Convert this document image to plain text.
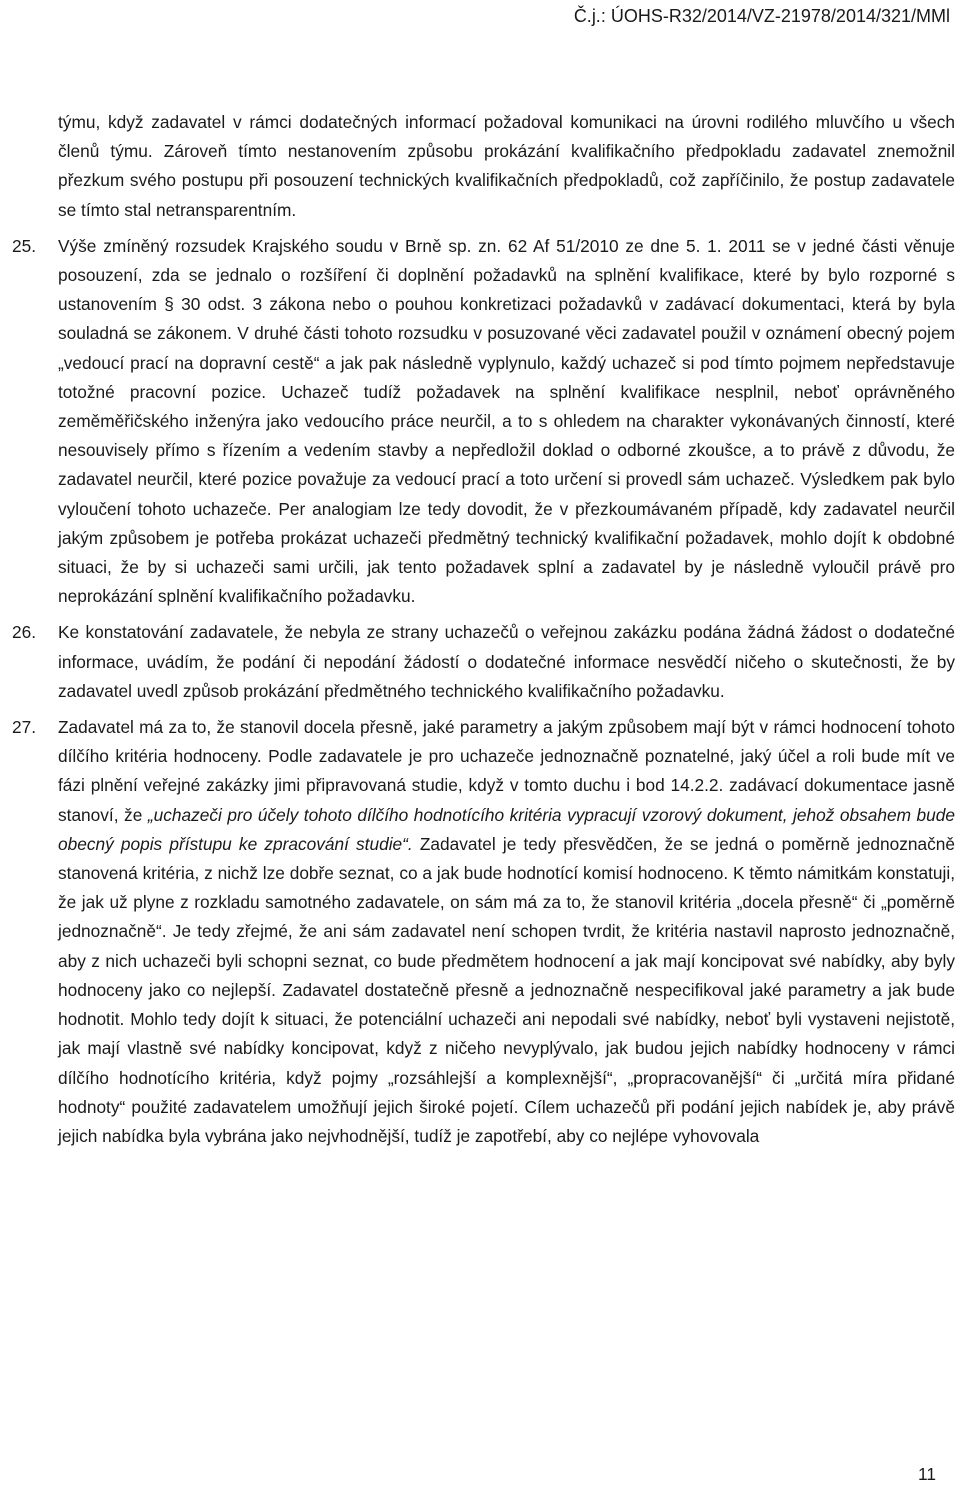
Č.j.: ÚOHS-R32/2014/VZ-21978/2014/321/MMl
týmu, když zadavatel v rámci dodatečných informací požadoval komunikaci na úrovni rodilého mluvčího u všech členů týmu. Zároveň tímto nestanovením způsobu prokázání kvalifikačního předpokladu zadavatel znemožnil přezkum svého postupu při posouzení technických kvalifikačních předpokladů, což zapříčinilo, že postup zadavatele se tímto stal netransparentním.
25. Výše zmíněný rozsudek Krajského soudu v Brně sp. zn. 62 Af 51/2010 ze dne 5. 1. 2011 se v jedné části věnuje posouzení, zda se jednalo o rozšíření či doplnění požadavků na splnění kvalifikace, které by bylo rozporné s ustanovením § 30 odst. 3 zákona nebo o pouhou konkretizaci požadavků v zadávací dokumentaci, která by byla souladná se zákonem. V druhé části tohoto rozsudku v posuzované věci zadavatel použil v oznámení obecný pojem „vedoucí prací na dopravní cestě“ a jak pak následně vyplynulo, každý uchazeč si pod tímto pojmem nepředstavuje totožné pracovní pozice. Uchazeč tudíž požadavek na splnění kvalifikace nesplnil, neboť oprávněného zeměměřičského inženýra jako vedoucího práce neurčil, a to s ohledem na charakter vykonávaných činností, které nesouvisely přímo s řízením a vedením stavby a nepředložil doklad o odborné zkoušce, a to právě z důvodu, že zadavatel neurčil, které pozice považuje za vedoucí prací a toto určení si provedl sám uchazeč. Výsledkem pak bylo vyloučení tohoto uchazeče. Per analogiam lze tedy dovodit, že v přezkoumávaném případě, kdy zadavatel neurčil jakým způsobem je potřeba prokázat uchazeči předmětný technický kvalifikační požadavek, mohlo dojít k obdobné situaci, že by si uchazeči sami určili, jak tento požadavek splní a zadavatel by je následně vyloučil právě pro neprokázání splnění kvalifikačního požadavku.
26. Ke konstatování zadavatele, že nebyla ze strany uchazečů o veřejnou zakázku podána žádná žádost o dodatečné informace, uvádím, že podání či nepodání žádostí o dodatečné informace nesvědčí ničeho o skutečnosti, že by zadavatel uvedl způsob prokázání předmětného technického kvalifikačního požadavku.
27. Zadavatel má za to, že stanovil docela přesně, jaké parametry a jakým způsobem mají být v rámci hodnocení tohoto dílčího kritéria hodnoceny. Podle zadavatele je pro uchazeče jednoznačně poznatelné, jaký účel a roli bude mít ve fázi plnění veřejné zakázky jimi připravovaná studie, když v tomto duchu i bod 14.2.2. zadávací dokumentace jasně stanoví, že „uchazeči pro účely tohoto dílčího hodnotícího kritéria vypracují vzorový dokument, jehož obsahem bude obecný popis přístupu ke zpracování studie“. Zadavatel je tedy přesvědčen, že se jedná o poměrně jednoznačně stanovená kritéria, z nichž lze dobře seznat, co a jak bude hodnotící komisí hodnoceno. K těmto námitkám konstatuji, že jak už plyne z rozkladu samotného zadavatele, on sám má za to, že stanovil kritéria „docela přesně“ či „poměrně jednoznačně“. Je tedy zřejmé, že ani sám zadavatel není schopen tvrdit, že kritéria nastavil naprosto jednoznačně, aby z nich uchazeči byli schopni seznat, co bude předmětem hodnocení a jak mají koncipovat své nabídky, aby byly hodnoceny jako co nejlepší. Zadavatel dostatečně přesně a jednoznačně nespecifikoval jaké parametry a jak bude hodnotit. Mohlo tedy dojít k situaci, že potenciální uchazeči ani nepodali své nabídky, neboť byli vystaveni nejistotě, jak mají vlastně své nabídky koncipovat, když z ničeho nevyplývalo, jak budou jejich nabídky hodnoceny v rámci dílčího hodnotícího kritéria, když pojmy „rozsáhlejší a komplexnější“, „propracovanější“ či „určitá míra přidané hodnoty“ použité zadavatelem umožňují jejich široké pojetí. Cílem uchazečů při podání jejich nabídek je, aby právě jejich nabídka byla vybrána jako nejvhodnější, tudíž je zapotřebí, aby co nejlépe vyhovovala
11
